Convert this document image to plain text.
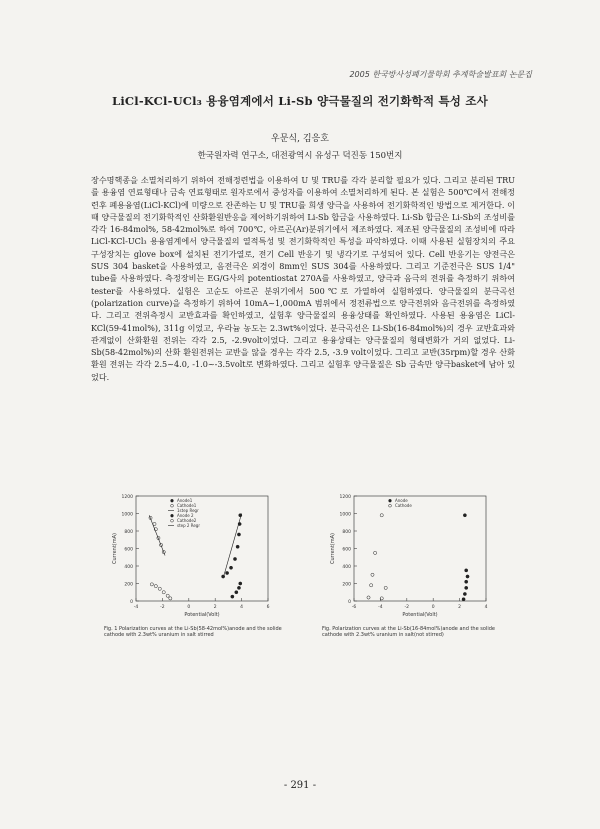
2005 한국방사성폐기물학회 추계학술발표회 논문집
LiCl-KCl-UCl₃ 용융염계에서 Li-Sb 양극물질의 전기화학적 특성 조사
우문식, 김응호
한국원자력 연구소, 대전광역시 유성구 덕진동 150번지

장수명핵종을 소멸처리하기 위하여 전해정련법을 이용하여 U 및 TRU를 각각 분리할 필요가 있다. 그리고 분리된 TRU를 용융염 연료형태나 금속 연료형태로 원자로에서 중성자를 이용하여 소멸처리하게 된다. 본 실험은 500℃에서 전해정련후 폐용융염(LiCl-KCl)에 미량으로 잔존하는 U 및 TRU를 희생 양극을 사용하여 전기화학적인 방법으로 제거한다. 이때 양극물질의 전기화학적인 산화환원반응을 제어하기위하여 Li-Sb 합금을 사용하였다. Li-Sb 합금은 Li-Sb의 조성비를 각각 16-84mol%, 58-42mol%로 하여 700℃, 아르곤(Ar)분위기에서 제조하였다. 제조된 양극물질의 조성비에 따라 LiCl-KCl-UCl₃ 용융염계에서 양극물질의 열적특성 및 전기화학적인 특성을 파악하였다. 이때 사용된 실험장치의 주요 구성장치는 glove box에 설치된 전기가열로, 전기 Cell 반응기 및 냉각기로 구성되어 있다. Cell 반응기는 양전극은 SUS 304 basket을 사용하였고, 음전극은 외경이 8mm인 SUS 304를 사용하였다. 그리고 기준전극은 SUS 1/4" tube를 사용하였다. 측정장비는 EG/G사의 potentiostat 270A를 사용하였고, 양극과 음극의 전위를 측정하기 위하여 tester를 사용하였다. 실험은 고순도 아르곤 분위기에서 500℃로 가열하여 실험하였다. 양극물질의 분극곡선(polarization curve)을 측정하기 위하여 10mA~1,000mA 범위에서 정전류법으로 양극전위와 음극전위를 측정하였다. 그리고 전위측정시 교반효과를 확인하였고, 실험후 양극물질의 용융상태를 확인하였다. 사용된 용융염은 LiCl-KCl(59-41mol%), 311g 이었고, 우라늄 농도는 2.3wt%이었다. 분극곡선은 Li-Sb(16-84mol%)의 경우 교반효과와 관계없이 산화환원 전위는 각각 2.5, -2.9volt이었다. 그리고 용융상태는 양극물질의 형태변화가 거의 없었다. Li-Sb(58-42mol%)의 산화 환원전위는 교반을 않을 경우는 각각 2.5, -3.9 volt이었다. 그리고 교반(35rpm)할 경우 산화 환원 전위는 각각 2.5~4.0, -1.0~-3.5volt로 변화하였다. 그리고 실험후 양극물질은 Sb 금속만 양극basket에 남아 있었다.

0
200
400
600
800
1000
1200
-4	-2	0	2	4	6
Potential(Volt)
Current(mA)
Anode1
Cathode1
1step Regr
Anode 2
Cathode2
step 2 Regr
Fig. 1 Polarization curves at the Li-Sb(58-42mol%)anode and the solide cathode with 2.3wt% uranium in salt stirred
0
200
400
600
800
1000
1200
-6	-4	-2	0	2	4
Potential(Volt)
Current(mA)
Anode
Cathode
Fig. Polarization curves at the Li-Sb(16-84mol%)anode and the solide cathode with 2.3wt% uranium in salt(not stirred)
- 291 -
